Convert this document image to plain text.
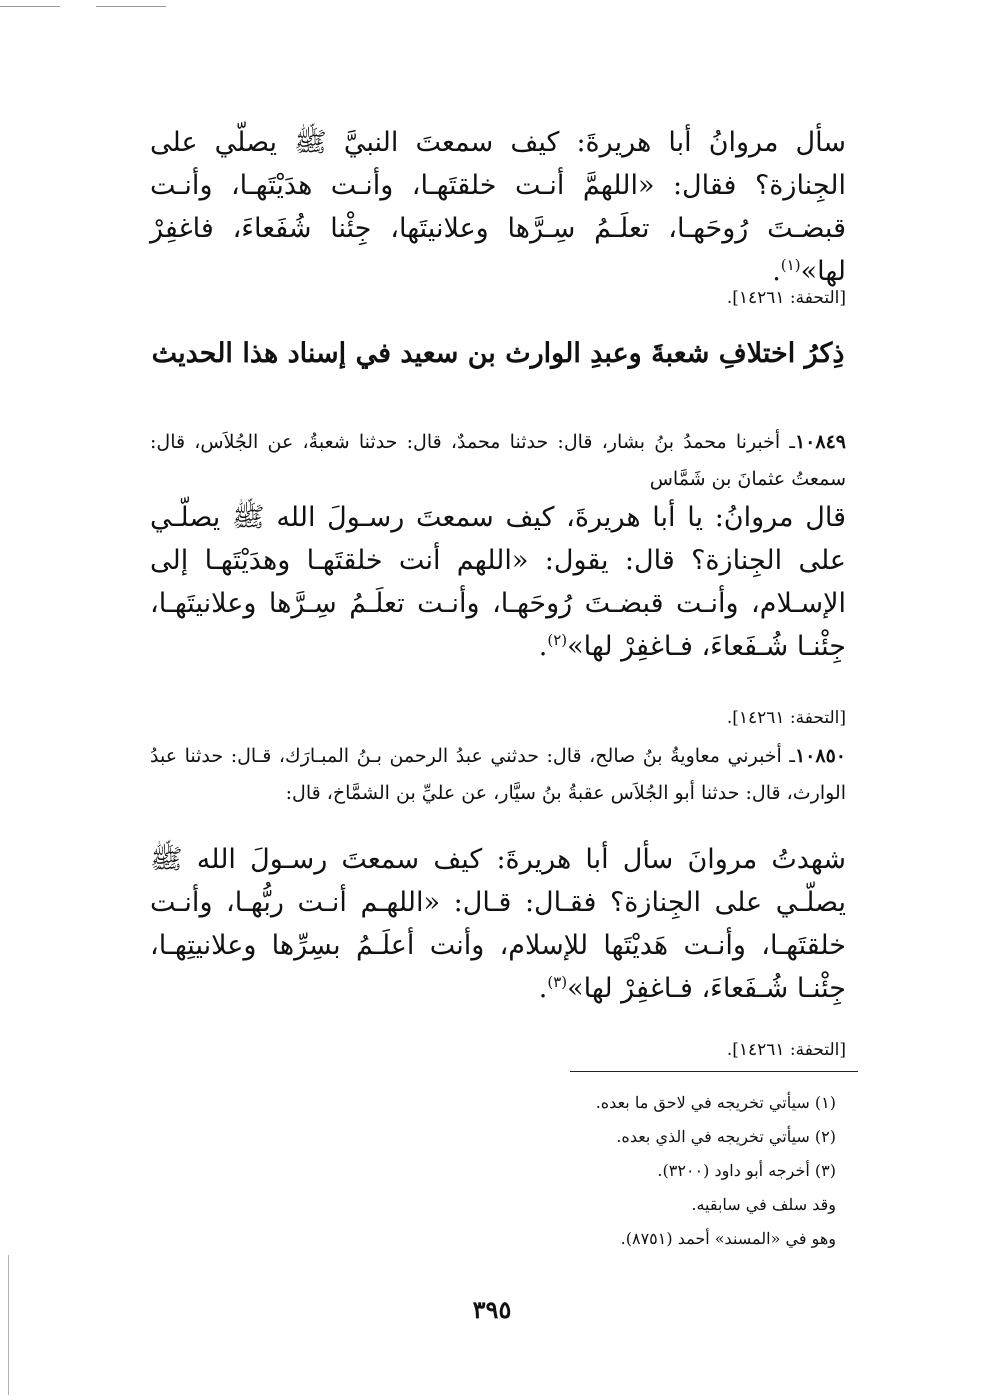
سأل مروانُ أبا هريرةَ: كيف سمعتَ النبيَّ ﷺ يصلّي على الجِنازة؟ فقال: «اللهمَّ أنـت خلقتَهـا، وأنـت هدَيْتَهـا، وأنـت قبضـتَ رُوحَهـا، تعلَـمُ سِـرَّها وعلانيتَها، جِئْنا شُفَعاءَ، فاغفِرْ لها»$^{(١)}$.
[التحفة: ١٤٢٦١].
ذِكرُ اختلافِ شعبةَ وعبدِ الوارث بن سعيد في إسناد هذا الحديث
١٠٨٤٩ـ أخبرنا محمدُ بنُ بشار، قال: حدثنا محمدٌ، قال: حدثنا شعبةُ، عن الجُلاَس، قال: سمعتُ عثمانَ بن شَمَّاس
قال مروانُ: يا أبا هريرةَ، كيف سمعتَ رسـولَ الله ﷺ يصلّـي على الجِنازة؟ قال: يقول: «اللهم أنت خلقتَهـا وهدَيْتَهـا إلى الإسـلام، وأنـت قبضـتَ رُوحَهـا، وأنـت تعلَـمُ سِـرَّها وعلانيتَهـا، جِئْنـا شُـفَعاءَ، فـاغفِرْ لها»$^{(٢)}$.
[التحفة: ١٤٢٦١].
١٠٨٥٠ـ أخبرني معاويةُ بنُ صالح، قال: حدثني عبدُ الرحمن بـنُ المبـارَك، قـال: حدثنا عبدُ الوارث، قال: حدثنا أبو الجُلاَس عقبةُ بنُ سيَّار، عن عليِّ بن الشمَّاخ، قال:
شهدتُ مروانَ سأل أبا هريرةَ: كيف سمعتَ رسـولَ الله ﷺ يصلّـي على الجِنازة؟ فقـال: قـال: «اللهـم أنـت ربُّهـا، وأنـت خلقتَهـا، وأنـت هَديْتَها للإسلام، وأنت أعلَـمُ بسِرِّها وعلانيتِهـا، جِئْنـا شُـفَعاءَ، فـاغفِرْ لها»$^{(٣)}$.
[التحفة: ١٤٢٦١].
(١) سيأتي تخريجه في لاحق ما بعده.
(٢) سيأتي تخريجه في الذي بعده.
(٣) أخرجه أبو داود (٣٢٠٠).
وقد سلف في سابقيه.
وهو في «المسند» أحمد (٨٧٥١).
٣٩٥
